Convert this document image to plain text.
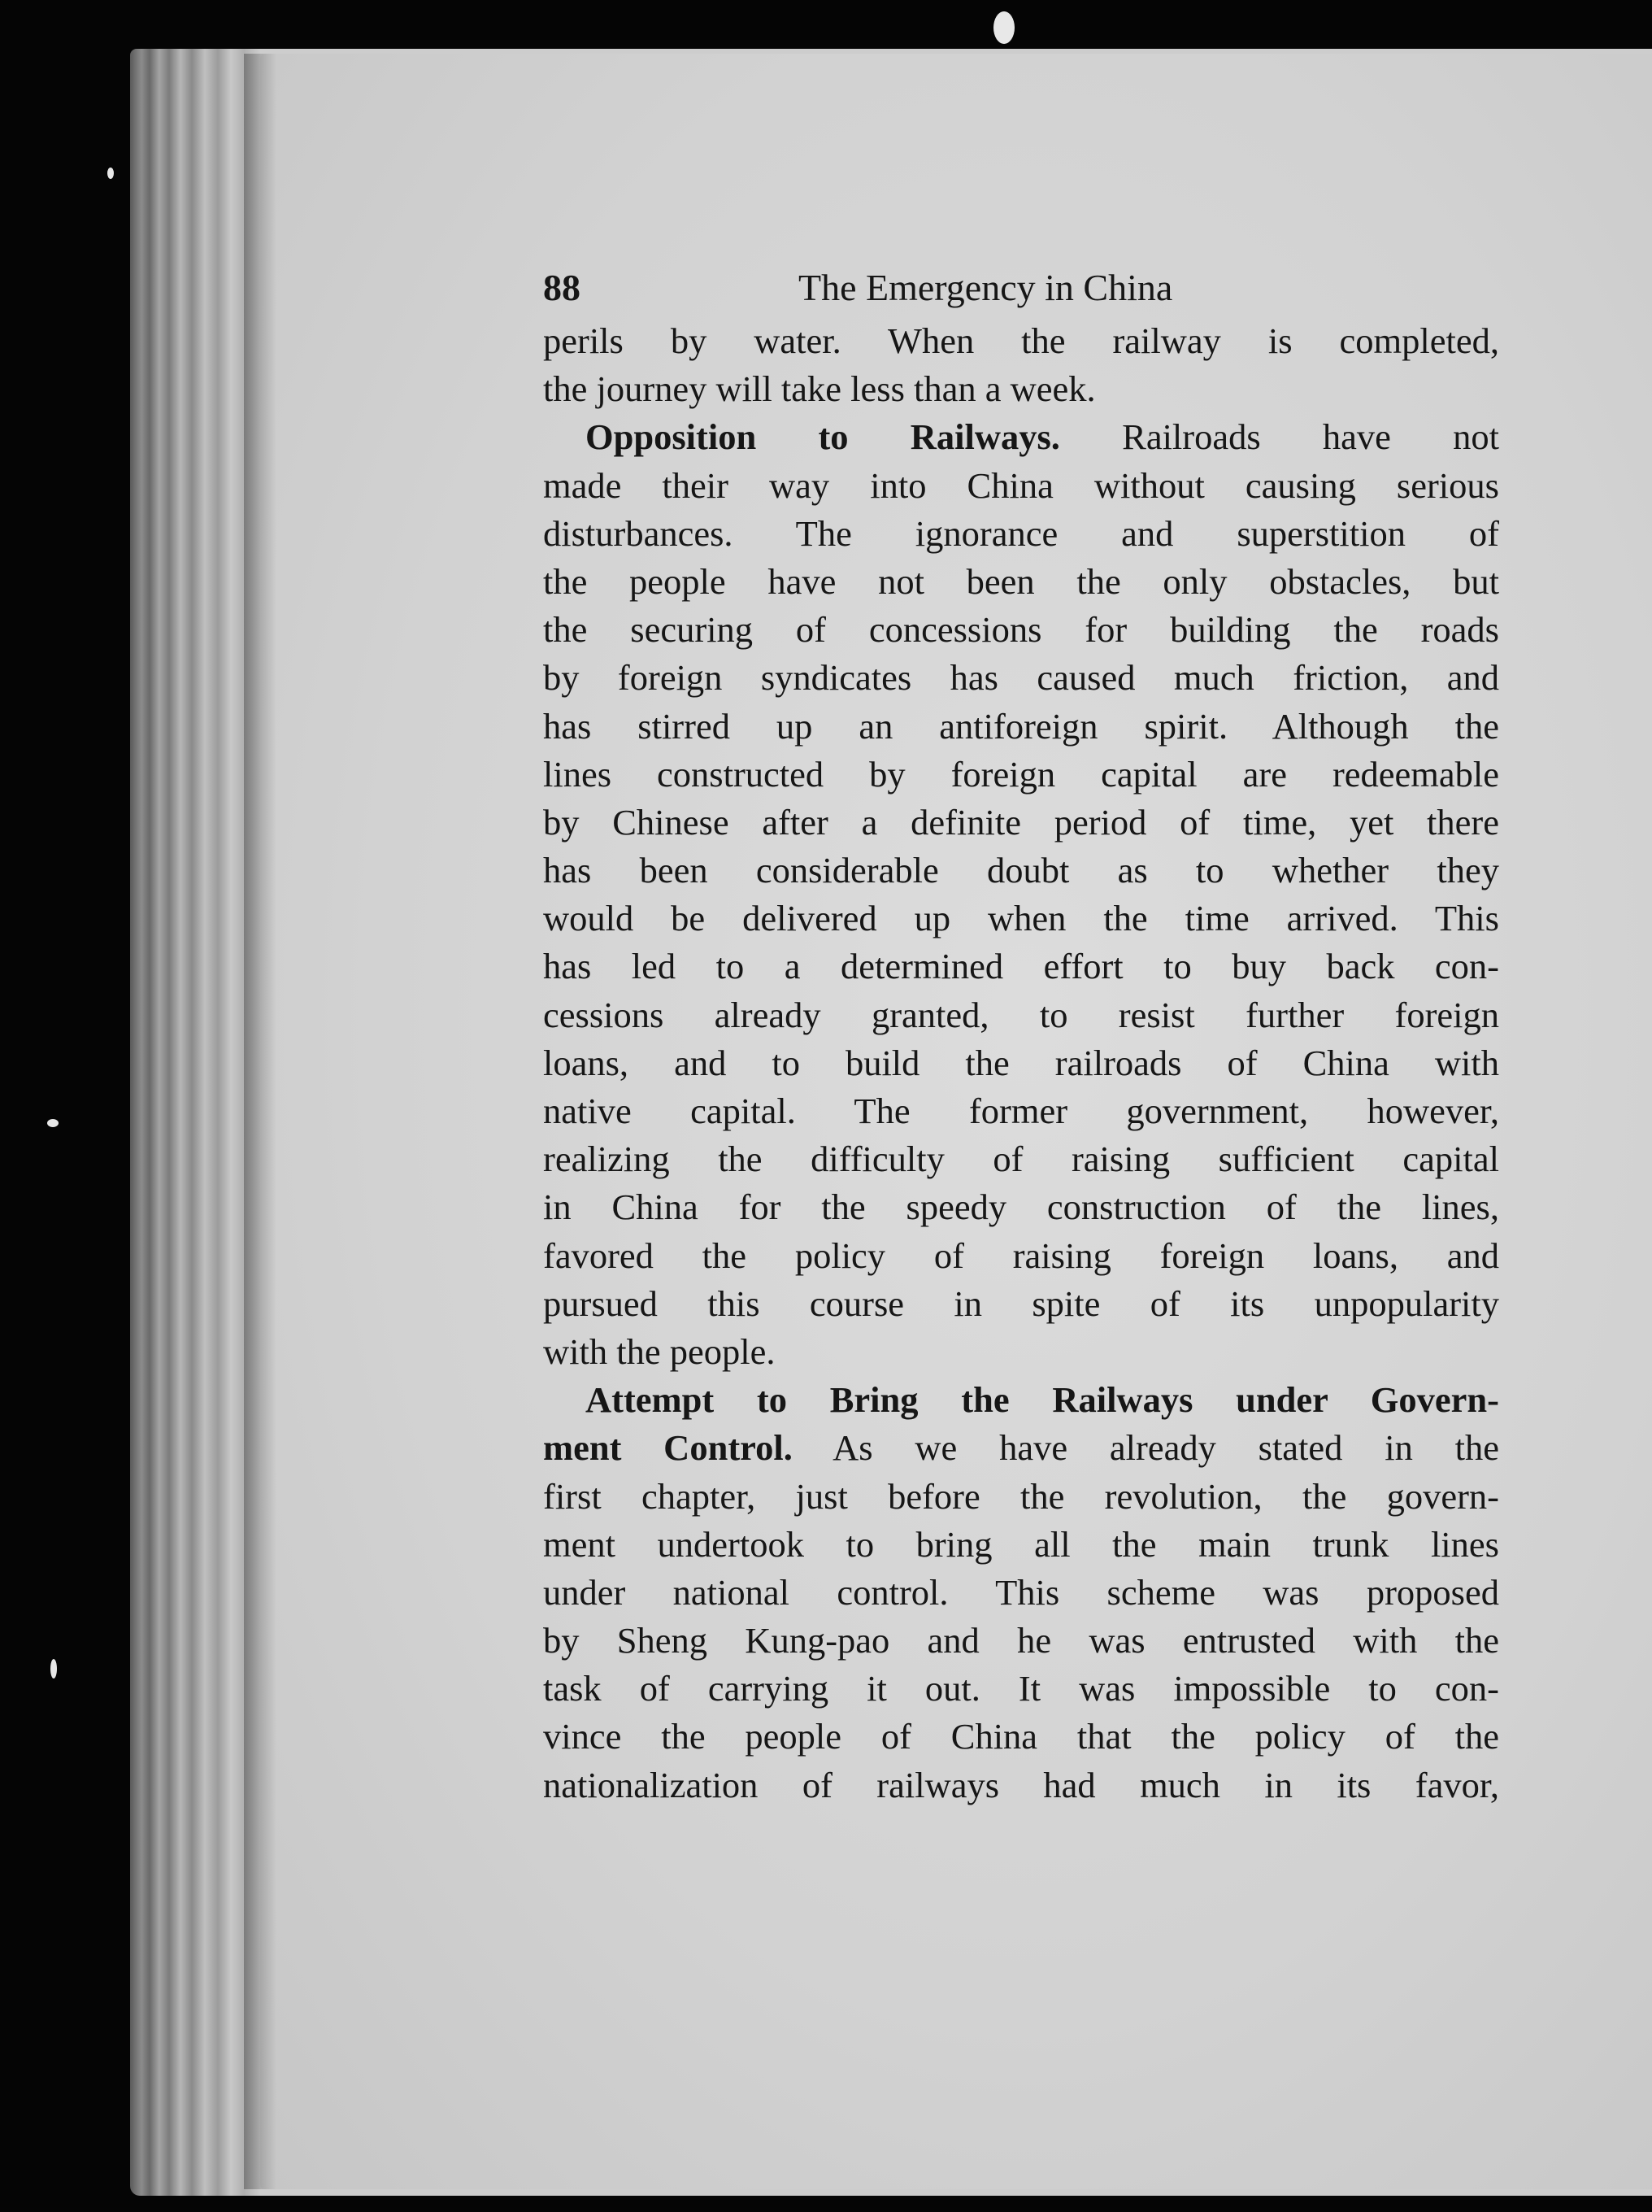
88	The Emergency in China
perils by water. When the railway is completed,
the journey will take less than a week.
Opposition to Railways. Railroads have not
made their way into China without causing serious
disturbances. The ignorance and superstition of
the people have not been the only obstacles, but
the securing of concessions for building the roads
by foreign syndicates has caused much friction, and
has stirred up an antiforeign spirit. Although the
lines constructed by foreign capital are redeemable
by Chinese after a definite period of time, yet there
has been considerable doubt as to whether they
would be delivered up when the time arrived. This
has led to a determined effort to buy back con-
cessions already granted, to resist further foreign
loans, and to build the railroads of China with
native capital. The former government, however,
realizing the difficulty of raising sufficient capital
in China for the speedy construction of the lines,
favored the policy of raising foreign loans, and
pursued this course in spite of its unpopularity
with the people.
Attempt to Bring the Railways under Govern-
ment Control. As we have already stated in the
first chapter, just before the revolution, the govern-
ment undertook to bring all the main trunk lines
under national control. This scheme was proposed
by Sheng Kung-pao and he was entrusted with the
task of carrying it out. It was impossible to con-
vince the people of China that the policy of the
nationalization of railways had much in its favor,
